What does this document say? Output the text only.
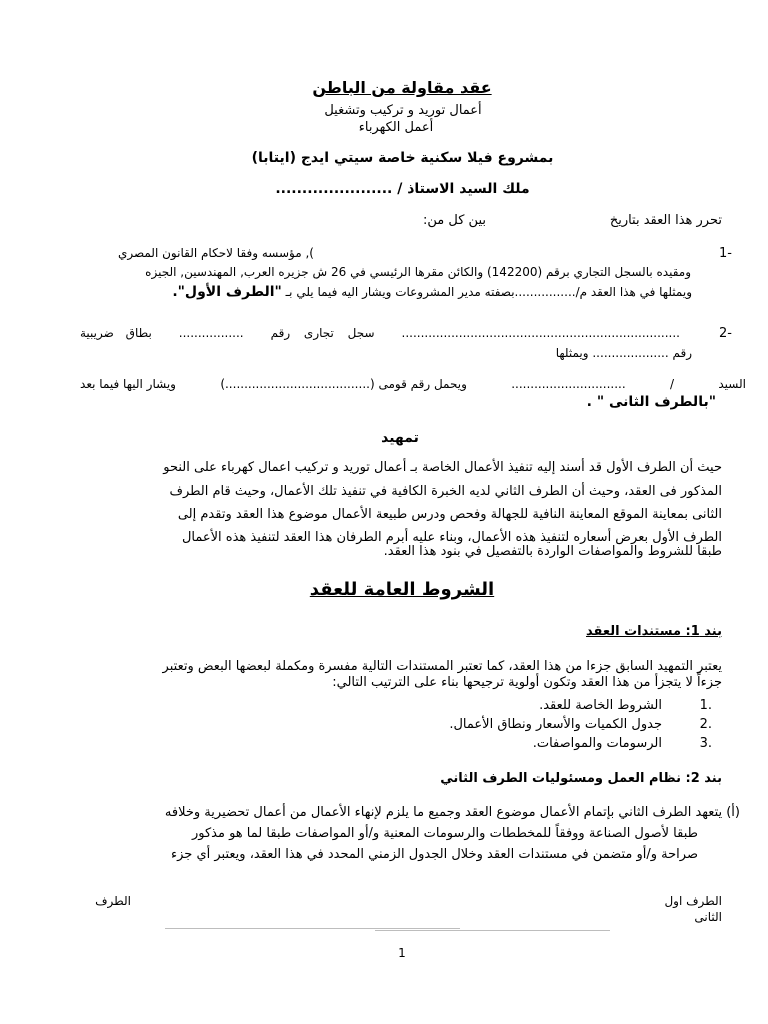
عقد مقاولة من الباطن
أعمال توريد و تركيب وتشغيل
أعمل الكهرباء
بمشروع فيلا سكنية خاصة سيتي ايدج (ايتابا)
ملك السيد الاستاذ / ......................
تحرر هذا العقد بتاريخ
بين كل من:
-1
), مؤسسه وفقا لاحكام القانون المصري
ومقيده بالسجل التجاري برقم (142200) والكائن مقرها الرئيسي في 26 ش جزيره العرب, المهندسين, الجيزه
ويمثلها في هذا العقد م/................بصفته مدير المشروعات ويشار اليه فيما يلي بـ "الطرف الأول".
-2
.........................................................................
سجل تجارى رقم
.................
بطاق ضريبية
رقم .................... ويمثلها
السيد
/
..............................
ويحمل رقم قومى (......................................)
ويشار اليها فيما بعد
"بالطرف الثانى " .
تمهيد
حيث أن الطرف الأول قد أسند إليه تنفيذ الأعمال الخاصة بـ أعمال توريد و تركيب اعمال كهرباء على النحو
المذكور فى العقد، وحيث أن الطرف الثاني لديه الخبرة الكافية في تنفيذ تلك الأعمال، وحيث قام الطرف
الثانى بمعاينة الموقع المعاينة النافية للجهالة وفحص ودرس طبيعة الأعمال موضوع هذا العقد وتقدم إلى
الطرف الأول بعرض أسعاره لتنفيذ هذه الأعمال، وبناء عليه أبرم الطرفان هذا العقد لتنفيذ هذه الأعمال
طبقا للشروط والمواصفات الواردة بالتفصيل في بنود هذا العقد.
الشروط العامة للعقد
بند 1: مستندات العقد
يعتبر التمهيد السابق جزءا من هذا العقد، كما تعتبر المستندات التالية مفسرة ومكملة لبعضها البعض وتعتبر
جزءاً لا يتجزأ من هذا العقد وتكون أولوية ترجيحها بناء على الترتيب التالي:
.1الشروط الخاصة للعقد.
.2جدول الكميات والأسعار ونطاق الأعمال.
.3الرسومات والمواصفات.
بند 2: نظام العمل ومسئوليات الطرف الثاني
(أ) يتعهد الطرف الثاني بإتمام الأعمال موضوع العقد وجميع ما يلزم لإنهاء الأعمال من أعمال تحضيرية وخلافه
طبقا لأصول الصناعة ووفقاً للمخططات والرسومات المعنية و/أو المواصفات طبقا لما هو مذكور
صراحة و/أو متضمن في مستندات العقد وخلال الجدول الزمني المحدد في هذا العقد، ويعتبر أي جزء
الطرف اول
الطرف
الثانى
1
